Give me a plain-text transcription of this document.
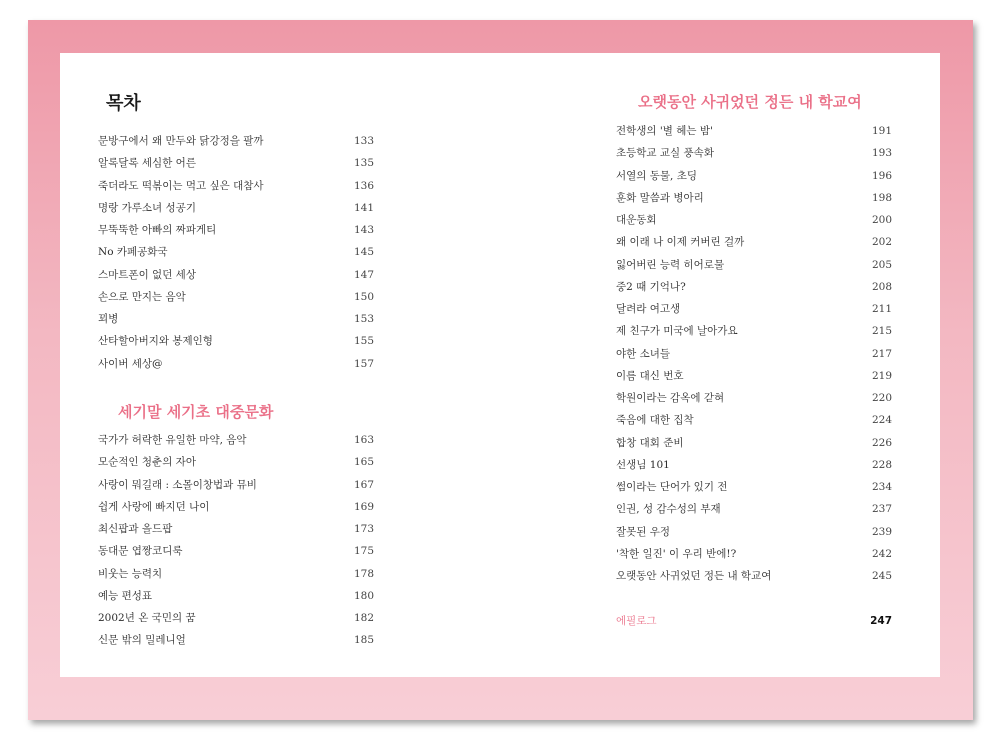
목차
문방구에서 왜 만두와 닭강정을 팔까	133
알록달록 세심한 어른	135
죽더라도 떡볶이는 먹고 싶은 대참사	136
명랑 가루소녀 성공기	141
무뚝뚝한 아빠의 짜파게티	143
No 카페공화국	145
스마트폰이 없던 세상	147
손으로 만지는 음악	150
꾀병	153
산타할아버지와 봉제인형	155
사이버 세상@	157
세기말 세기초 대중문화
국가가 허락한 유일한 마약, 음악	163
모순적인 청춘의 자아	165
사랑이 뭐길래 : 소몰이창법과 뮤비	167
쉽게 사랑에 빠지던 나이	169
최신팝과 올드팝	173
동대문 엽짱코디룩	175
비웃는 능력치	178
예능 편성표	180
2002년 온 국민의 꿈	182
신문 밖의 밀레니얼	185
오랫동안 사귀었던 정든 내 학교여
전학생의 '별 헤는 밤'	191
초등학교 교실 풍속화	193
서열의 동물, 초딩	196
훈화 말씀과 병아리	198
대운동회	200
왜 이래 나 이제 커버린 걸까	202
잃어버린 능력 히어로물	205
중2 때 기억나?	208
달려라 여고생	211
제 친구가 미국에 날아가요	215
야한 소녀들	217
이름 대신 번호	219
학원이라는 감옥에 갇혀	220
죽음에 대한 집착	224
합창 대회 준비	226
선생님 101	228
썸이라는 단어가 있기 전	234
인권, 성 감수성의 부재	237
잘못된 우정	239
'착한 일진' 이 우리 반에!?	242
오랫동안 사귀었던 정든 내 학교여	245
에필로그	247
